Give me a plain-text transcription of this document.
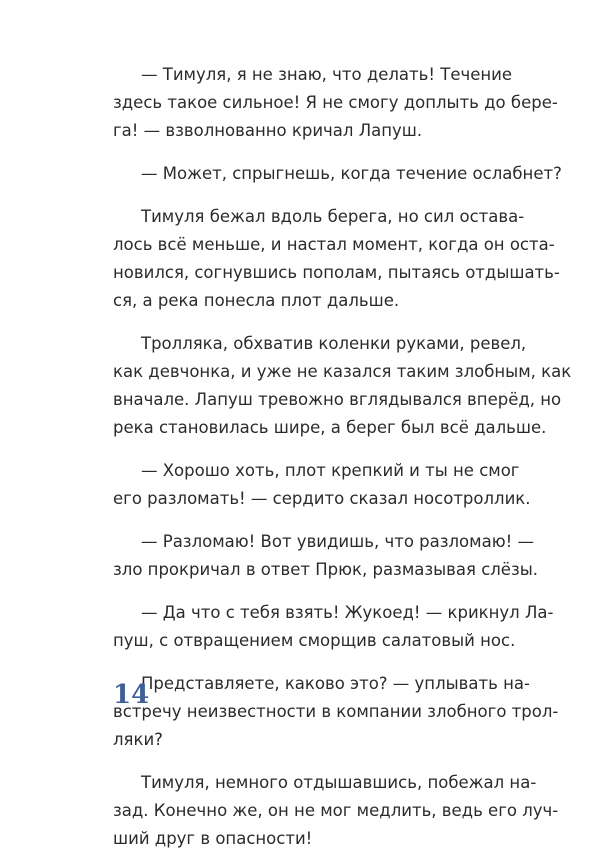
— Тимуля, я не знаю, что делать! Течение
здесь такое сильное! Я не смогу доплыть до бере-
га! — взволнованно кричал Лапуш.
— Может, спрыгнешь, когда течение ослабнет?
Тимуля бежал вдоль берега, но сил остава-
лось всё меньше, и настал момент, когда он оста-
новился, согнувшись пополам, пытаясь отдышать-
ся, а река понесла плот дальше.
Тролляка, обхватив коленки руками, ревел,
как девчонка, и уже не казался таким злобным, как
вначале. Лапуш тревожно вглядывался вперёд, но
река становилась шире, а берег был всё дальше.
— Хорошо хоть, плот крепкий и ты не смог
его разломать! — сердито сказал носотроллик.
— Разломаю! Вот увидишь, что разломаю! —
зло прокричал в ответ Прюк, размазывая слёзы.
— Да что с тебя взять! Жукоед! — крикнул Ла-
пуш, с отвращением сморщив салатовый нос.
Представляете, каково это? — уплывать на-
встречу неизвестности в компании злобного трол-
ляки?
Тимуля, немного отдышавшись, побежал на-
зад. Конечно же, он не мог медлить, ведь его луч-
ший друг в опасности!
14
